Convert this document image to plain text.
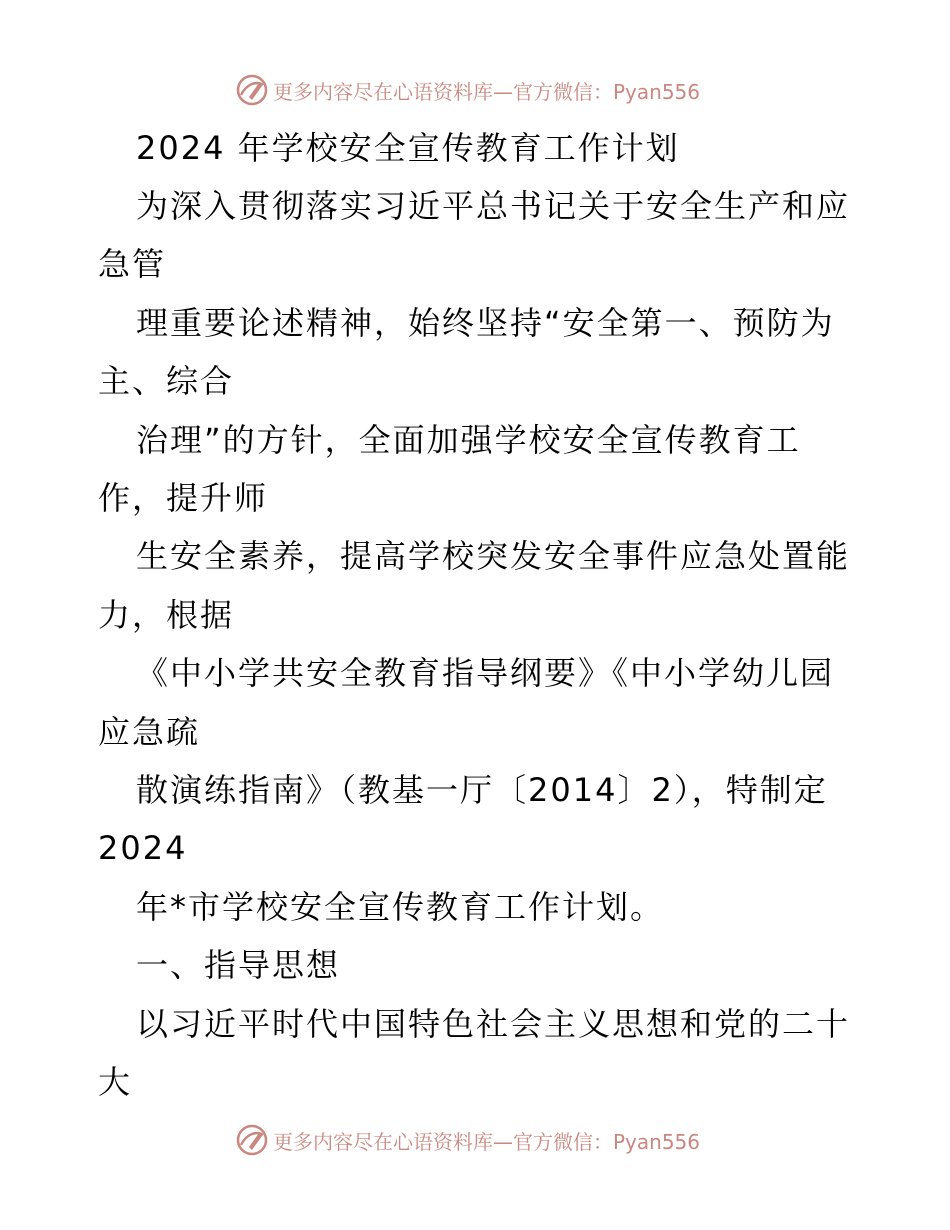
更多内容尽在心语资料库—官方微信：Pyan556
2024 年学校安全宣传教育工作计划
为深入贯彻落实习近平总书记关于安全生产和应
急管
理重要论述精神，始终坚持“安全第一、预防为
主、综合
治理”的方针，全面加强学校安全宣传教育工
作，提升师
生安全素养，提高学校突发安全事件应急处置能
力，根据
《中小学共安全教育指导纲要》《中小学幼儿园
应急疏
散演练指南》（教基一厅〔2014〕2），特制定
2024
年*市学校安全宣传教育工作计划。
一、指导思想
以习近平时代中国特色社会主义思想和党的二十
大
更多内容尽在心语资料库—官方微信：Pyan556
